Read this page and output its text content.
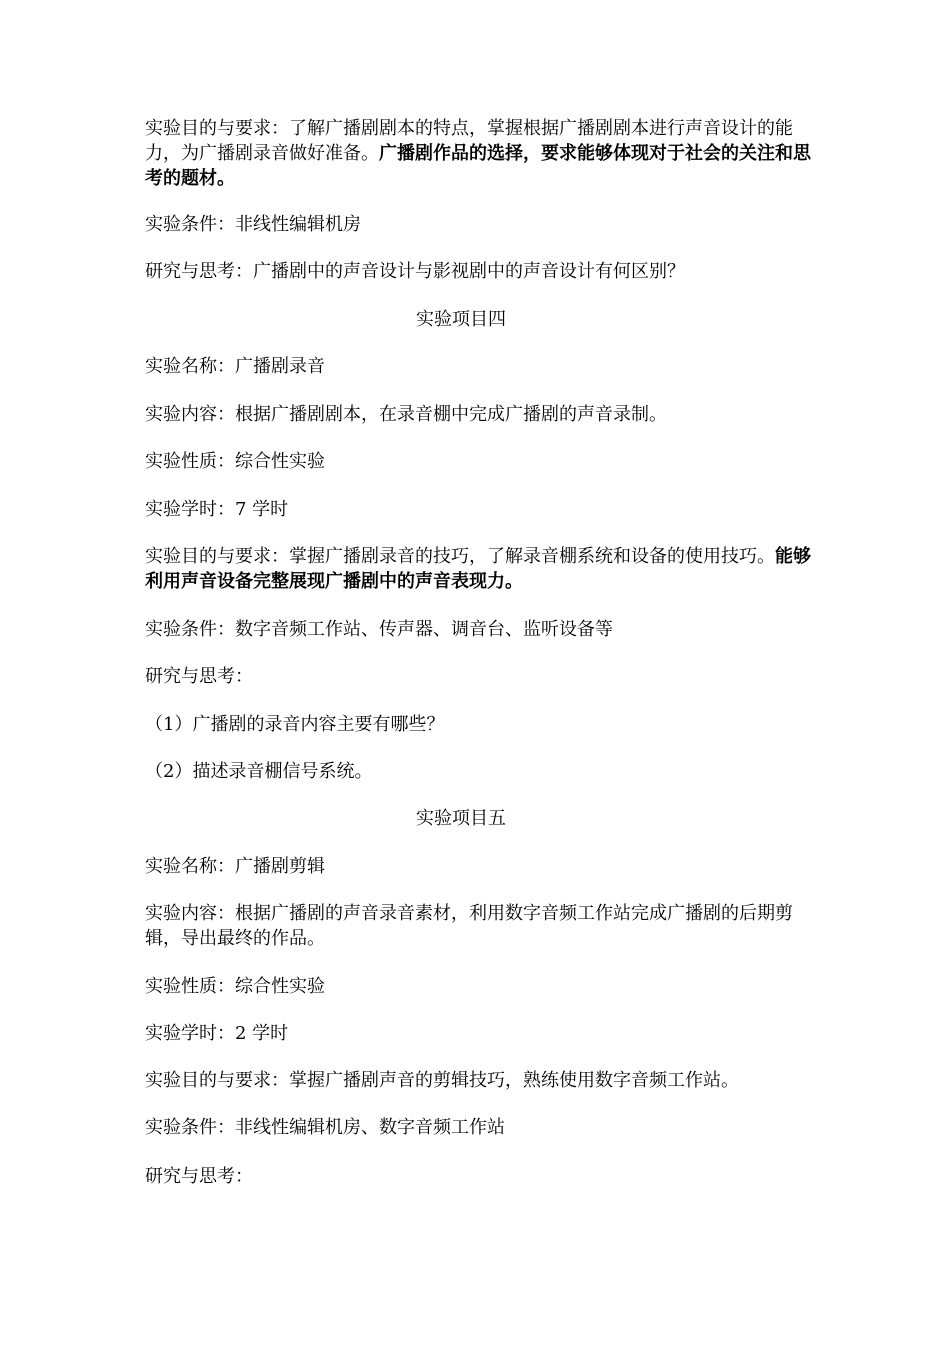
实验目的与要求：了解广播剧剧本的特点，掌握根据广播剧剧本进行声音设计的能力，为广播剧录音做好准备。广播剧作品的选择，要求能够体现对于社会的关注和思考的题材。

实验条件：非线性编辑机房

研究与思考：广播剧中的声音设计与影视剧中的声音设计有何区别？

实验项目四

实验名称：广播剧录音

实验内容：根据广播剧剧本，在录音棚中完成广播剧的声音录制。

实验性质：综合性实验

实验学时：7 学时

实验目的与要求：掌握广播剧录音的技巧，了解录音棚系统和设备的使用技巧。能够利用声音设备完整展现广播剧中的声音表现力。

实验条件：数字音频工作站、传声器、调音台、监听设备等

研究与思考：

（1）广播剧的录音内容主要有哪些？

（2）描述录音棚信号系统。

实验项目五

实验名称：广播剧剪辑

实验内容：根据广播剧的声音录音素材，利用数字音频工作站完成广播剧的后期剪辑，导出最终的作品。

实验性质：综合性实验

实验学时：2 学时

实验目的与要求：掌握广播剧声音的剪辑技巧，熟练使用数字音频工作站。

实验条件：非线性编辑机房、数字音频工作站

研究与思考：
